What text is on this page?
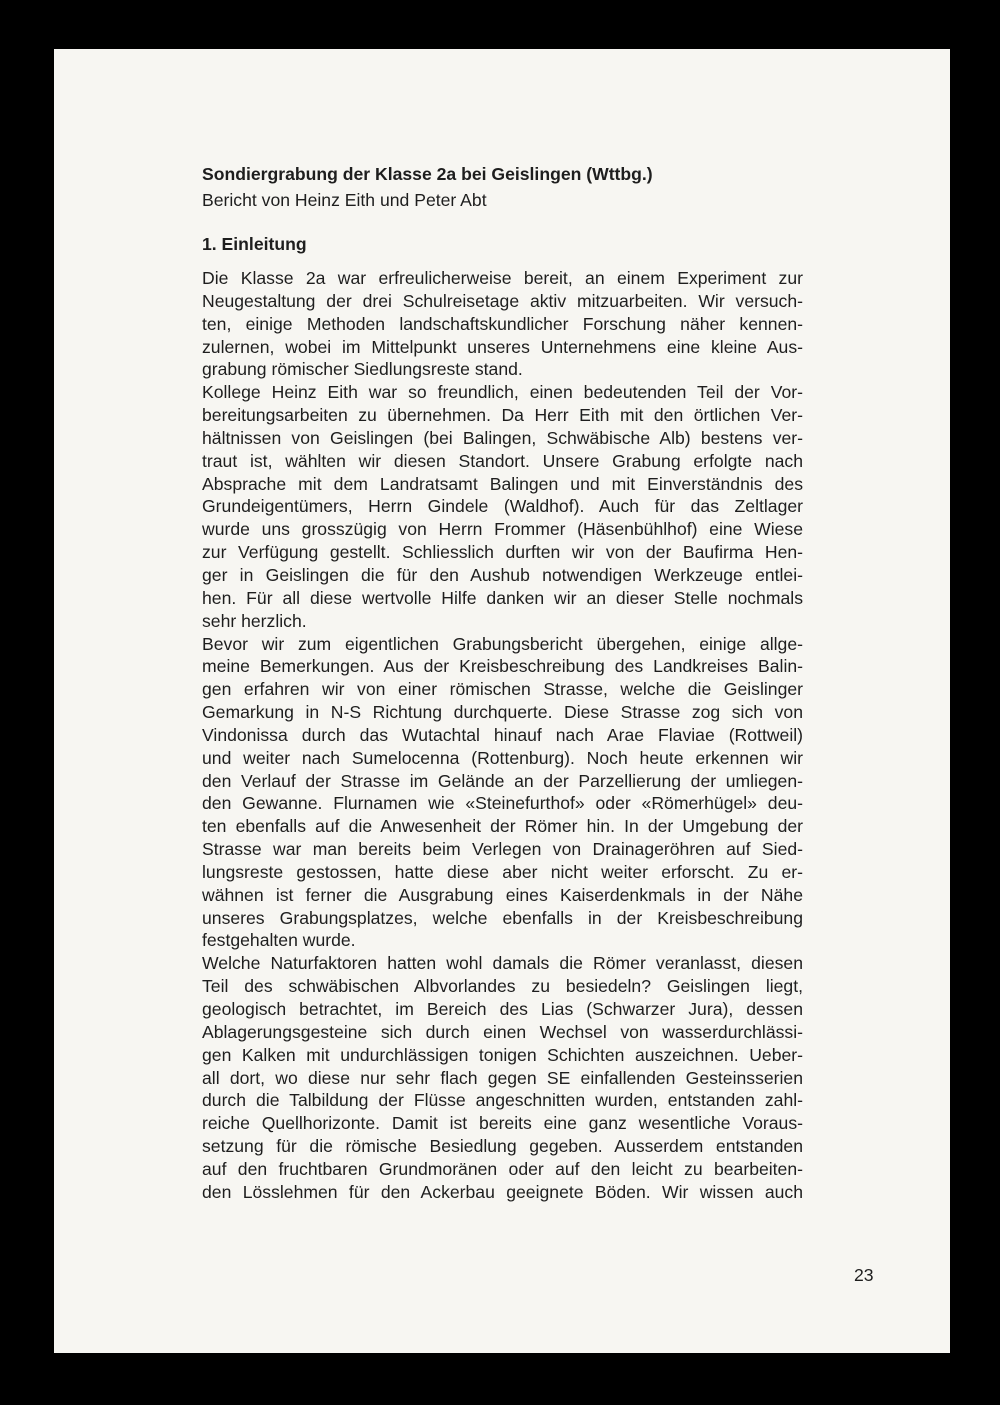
Sondiergrabung der Klasse 2a bei Geislingen (Wttbg.)
Bericht von Heinz Eith und Peter Abt
1. Einleitung
Die Klasse 2a war erfreulicherweise bereit, an einem Experiment zur
Neugestaltung der drei Schulreisetage aktiv mitzuarbeiten. Wir versuch-
ten, einige Methoden landschaftskundlicher Forschung näher kennen-
zulernen, wobei im Mittelpunkt unseres Unternehmens eine kleine Aus-
grabung römischer Siedlungsreste stand.
Kollege Heinz Eith war so freundlich, einen bedeutenden Teil der Vor-
bereitungsarbeiten zu übernehmen. Da Herr Eith mit den örtlichen Ver-
hältnissen von Geislingen (bei Balingen, Schwäbische Alb) bestens ver-
traut ist, wählten wir diesen Standort. Unsere Grabung erfolgte nach
Absprache mit dem Landratsamt Balingen und mit Einverständnis des
Grundeigentümers, Herrn Gindele (Waldhof). Auch für das Zeltlager
wurde uns grosszügig von Herrn Frommer (Häsenbühlhof) eine Wiese
zur Verfügung gestellt. Schliesslich durften wir von der Baufirma Hen-
ger in Geislingen die für den Aushub notwendigen Werkzeuge entlei-
hen. Für all diese wertvolle Hilfe danken wir an dieser Stelle nochmals
sehr herzlich.
Bevor wir zum eigentlichen Grabungsbericht übergehen, einige allge-
meine Bemerkungen. Aus der Kreisbeschreibung des Landkreises Balin-
gen erfahren wir von einer römischen Strasse, welche die Geislinger
Gemarkung in N-S Richtung durchquerte. Diese Strasse zog sich von
Vindonissa durch das Wutachtal hinauf nach Arae Flaviae (Rottweil)
und weiter nach Sumelocenna (Rottenburg). Noch heute erkennen wir
den Verlauf der Strasse im Gelände an der Parzellierung der umliegen-
den Gewanne. Flurnamen wie «Steinefurthof» oder «Römerhügel» deu-
ten ebenfalls auf die Anwesenheit der Römer hin. In der Umgebung der
Strasse war man bereits beim Verlegen von Drainageröhren auf Sied-
lungsreste gestossen, hatte diese aber nicht weiter erforscht. Zu er-
wähnen ist ferner die Ausgrabung eines Kaiserdenkmals in der Nähe
unseres Grabungsplatzes, welche ebenfalls in der Kreisbeschreibung
festgehalten wurde.
Welche Naturfaktoren hatten wohl damals die Römer veranlasst, diesen
Teil des schwäbischen Albvorlandes zu besiedeln? Geislingen liegt,
geologisch betrachtet, im Bereich des Lias (Schwarzer Jura), dessen
Ablagerungsgesteine sich durch einen Wechsel von wasserdurchlässi-
gen Kalken mit undurchlässigen tonigen Schichten auszeichnen. Ueber-
all dort, wo diese nur sehr flach gegen SE einfallenden Gesteinsserien
durch die Talbildung der Flüsse angeschnitten wurden, entstanden zahl-
reiche Quellhorizonte. Damit ist bereits eine ganz wesentliche Voraus-
setzung für die römische Besiedlung gegeben. Ausserdem entstanden
auf den fruchtbaren Grundmoränen oder auf den leicht zu bearbeiten-
den Lösslehmen für den Ackerbau geeignete Böden. Wir wissen auch
23
